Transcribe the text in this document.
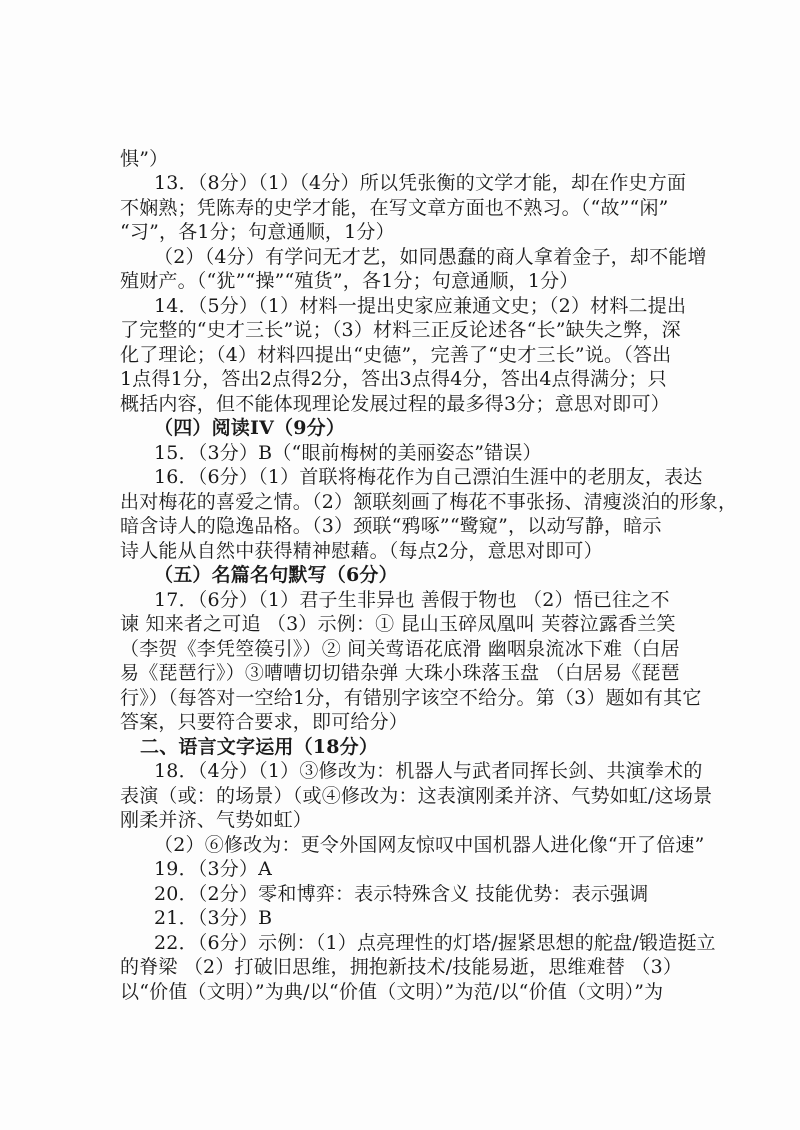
惧”）
13．（8分）（1）（4分）所以凭张衡的文学才能，却在作史方面
不娴熟；凭陈寿的史学才能，在写文章方面也不熟习。（“故”“闲”
“习”，各1分；句意通顺，1分）
（2）（4分）有学问无才艺，如同愚蠢的商人拿着金子，却不能增
殖财产。（“犹”“操”“殖货”，各1分；句意通顺，1分）
14．（5分）（1）材料一提出史家应兼通文史；（2）材料二提出
了完整的“史才三长”说；（3）材料三正反论述各“长”缺失之弊，深
化了理论；（4）材料四提出“史德”，完善了“史才三长”说。（答出
1点得1分，答出2点得2分，答出3点得4分，答出4点得满分；只
概括内容，但不能体现理论发展过程的最多得3分；意思对即可）
（四）阅读IV（9分）
15．（3分）B（“眼前梅树的美丽姿态”错误）
16．（6分）（1）首联将梅花作为自己漂泊生涯中的老朋友，表达
出对梅花的喜爱之情。（2）颔联刻画了梅花不事张扬、清瘦淡泊的形象，
暗含诗人的隐逸品格。（3）颈联“鸦啄”“鹭窥”，以动写静，暗示
诗人能从自然中获得精神慰藉。（每点2分，意思对即可）
（五）名篇名句默写（6分）
17．（6分）（1）君子生非异也 善假于物也 （2）悟已往之不
谏 知来者之可追 （3）示例：① 昆山玉碎凤凰叫 芙蓉泣露香兰笑
（李贺《李凭箜篌引》）② 间关莺语花底滑 幽咽泉流冰下难（白居
易《琵琶行》）③嘈嘈切切错杂弹 大珠小珠落玉盘 （白居易《琵琶
行》）（每答对一空给1分，有错别字该空不给分。第（3）题如有其它
答案，只要符合要求，即可给分）
二、语言文字运用（18分）
18．（4分）（1）③修改为：机器人与武者同挥长剑、共演拳术的
表演（或：的场景）（或④修改为：这表演刚柔并济、气势如虹/这场景
刚柔并济、气势如虹）
（2）⑥修改为：更令外国网友惊叹中国机器人进化像“开了倍速”
19．（3分）A
20．（2分）零和博弈：表示特殊含义 技能优势：表示强调
21．（3分）B
22．（6分）示例：（1）点亮理性的灯塔/握紧思想的舵盘/锻造挺立
的脊梁 （2）打破旧思维，拥抱新技术/技能易逝，思维难替 （3）
以“价值（文明）”为典/以“价值（文明）”为范/以“价值（文明）”为
